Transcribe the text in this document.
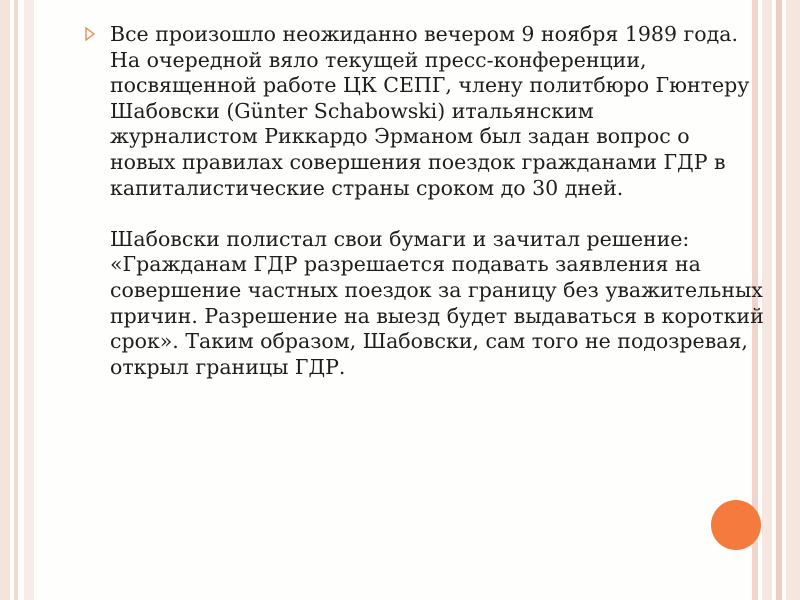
Все произошло неожиданно вечером 9 ноября 1989 года.
На очередной вяло текущей пресс-конференции,
посвященной работе ЦК СЕПГ, члену политбюро Гюнтеру
Шабовски (Günter Schabowski) итальянским
журналистом Риккардо Эрманом был задан вопрос о
новых правилах совершения поездок гражданами ГДР в
капиталистические страны сроком до 30 дней.

Шабовски полистал свои бумаги и зачитал решение:
«Гражданам ГДР разрешается подавать заявления на
совершение частных поездок за границу без уважительных
причин. Разрешение на выезд будет выдаваться в короткий
срок». Таким образом, Шабовски, сам того не подозревая,
открыл границы ГДР.
